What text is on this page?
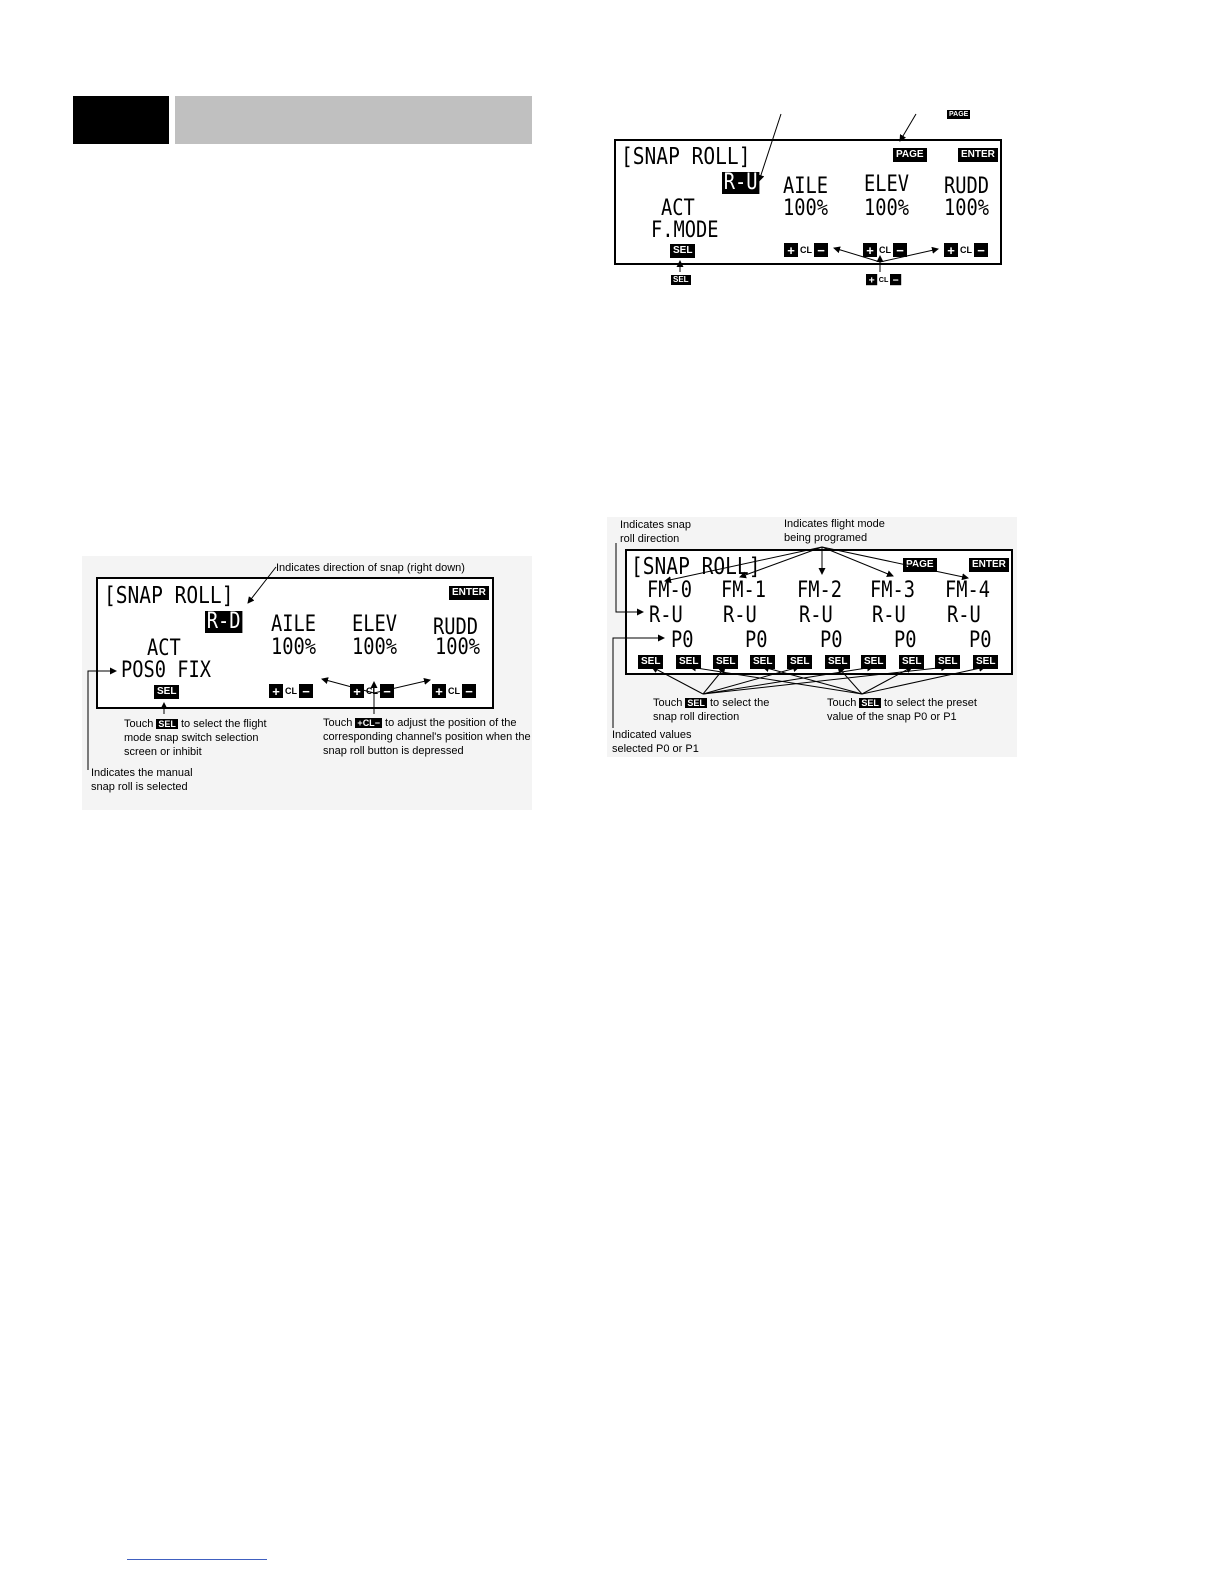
[SNAP ROLL]	ENTER
R-D AILE ELEV RUDD
ACT	100% 100% 100%
POS0 FIX
SEL	+ CL −	+ CL −	+ CL −
Indicates direction of snap (right down)
Touch SEL to select the flight mode snap switch selection screen or inhibit
Touch +CL− to adjust the position of the corresponding channel's position when the snap roll button is depressed
Indicates the manual snap roll is selected
PAGE
[SNAP ROLL]	PAGE	ENTER
R-U AILE ELEV RUDD
ACT	100% 100% 100%
F.MODE
SEL	+ CL −	+ CL −	+ CL −
SEL	+ CL −
[SNAP ROLL]	PAGE	ENTER
FM-0 FM-1 FM-2 FM-3 FM-4
R-U R-U R-U R-U R-U
P0 P0 P0 P0 P0
SEL	SEL	SEL	SEL	SEL	SEL	SEL	SEL	SEL	SEL
Indicates snap roll direction
Indicates flight mode being programed
Touch SEL to select the snap roll direction
Touch SEL to select the preset value of the snap P0 or P1
Indicated values selected P0 or P1
